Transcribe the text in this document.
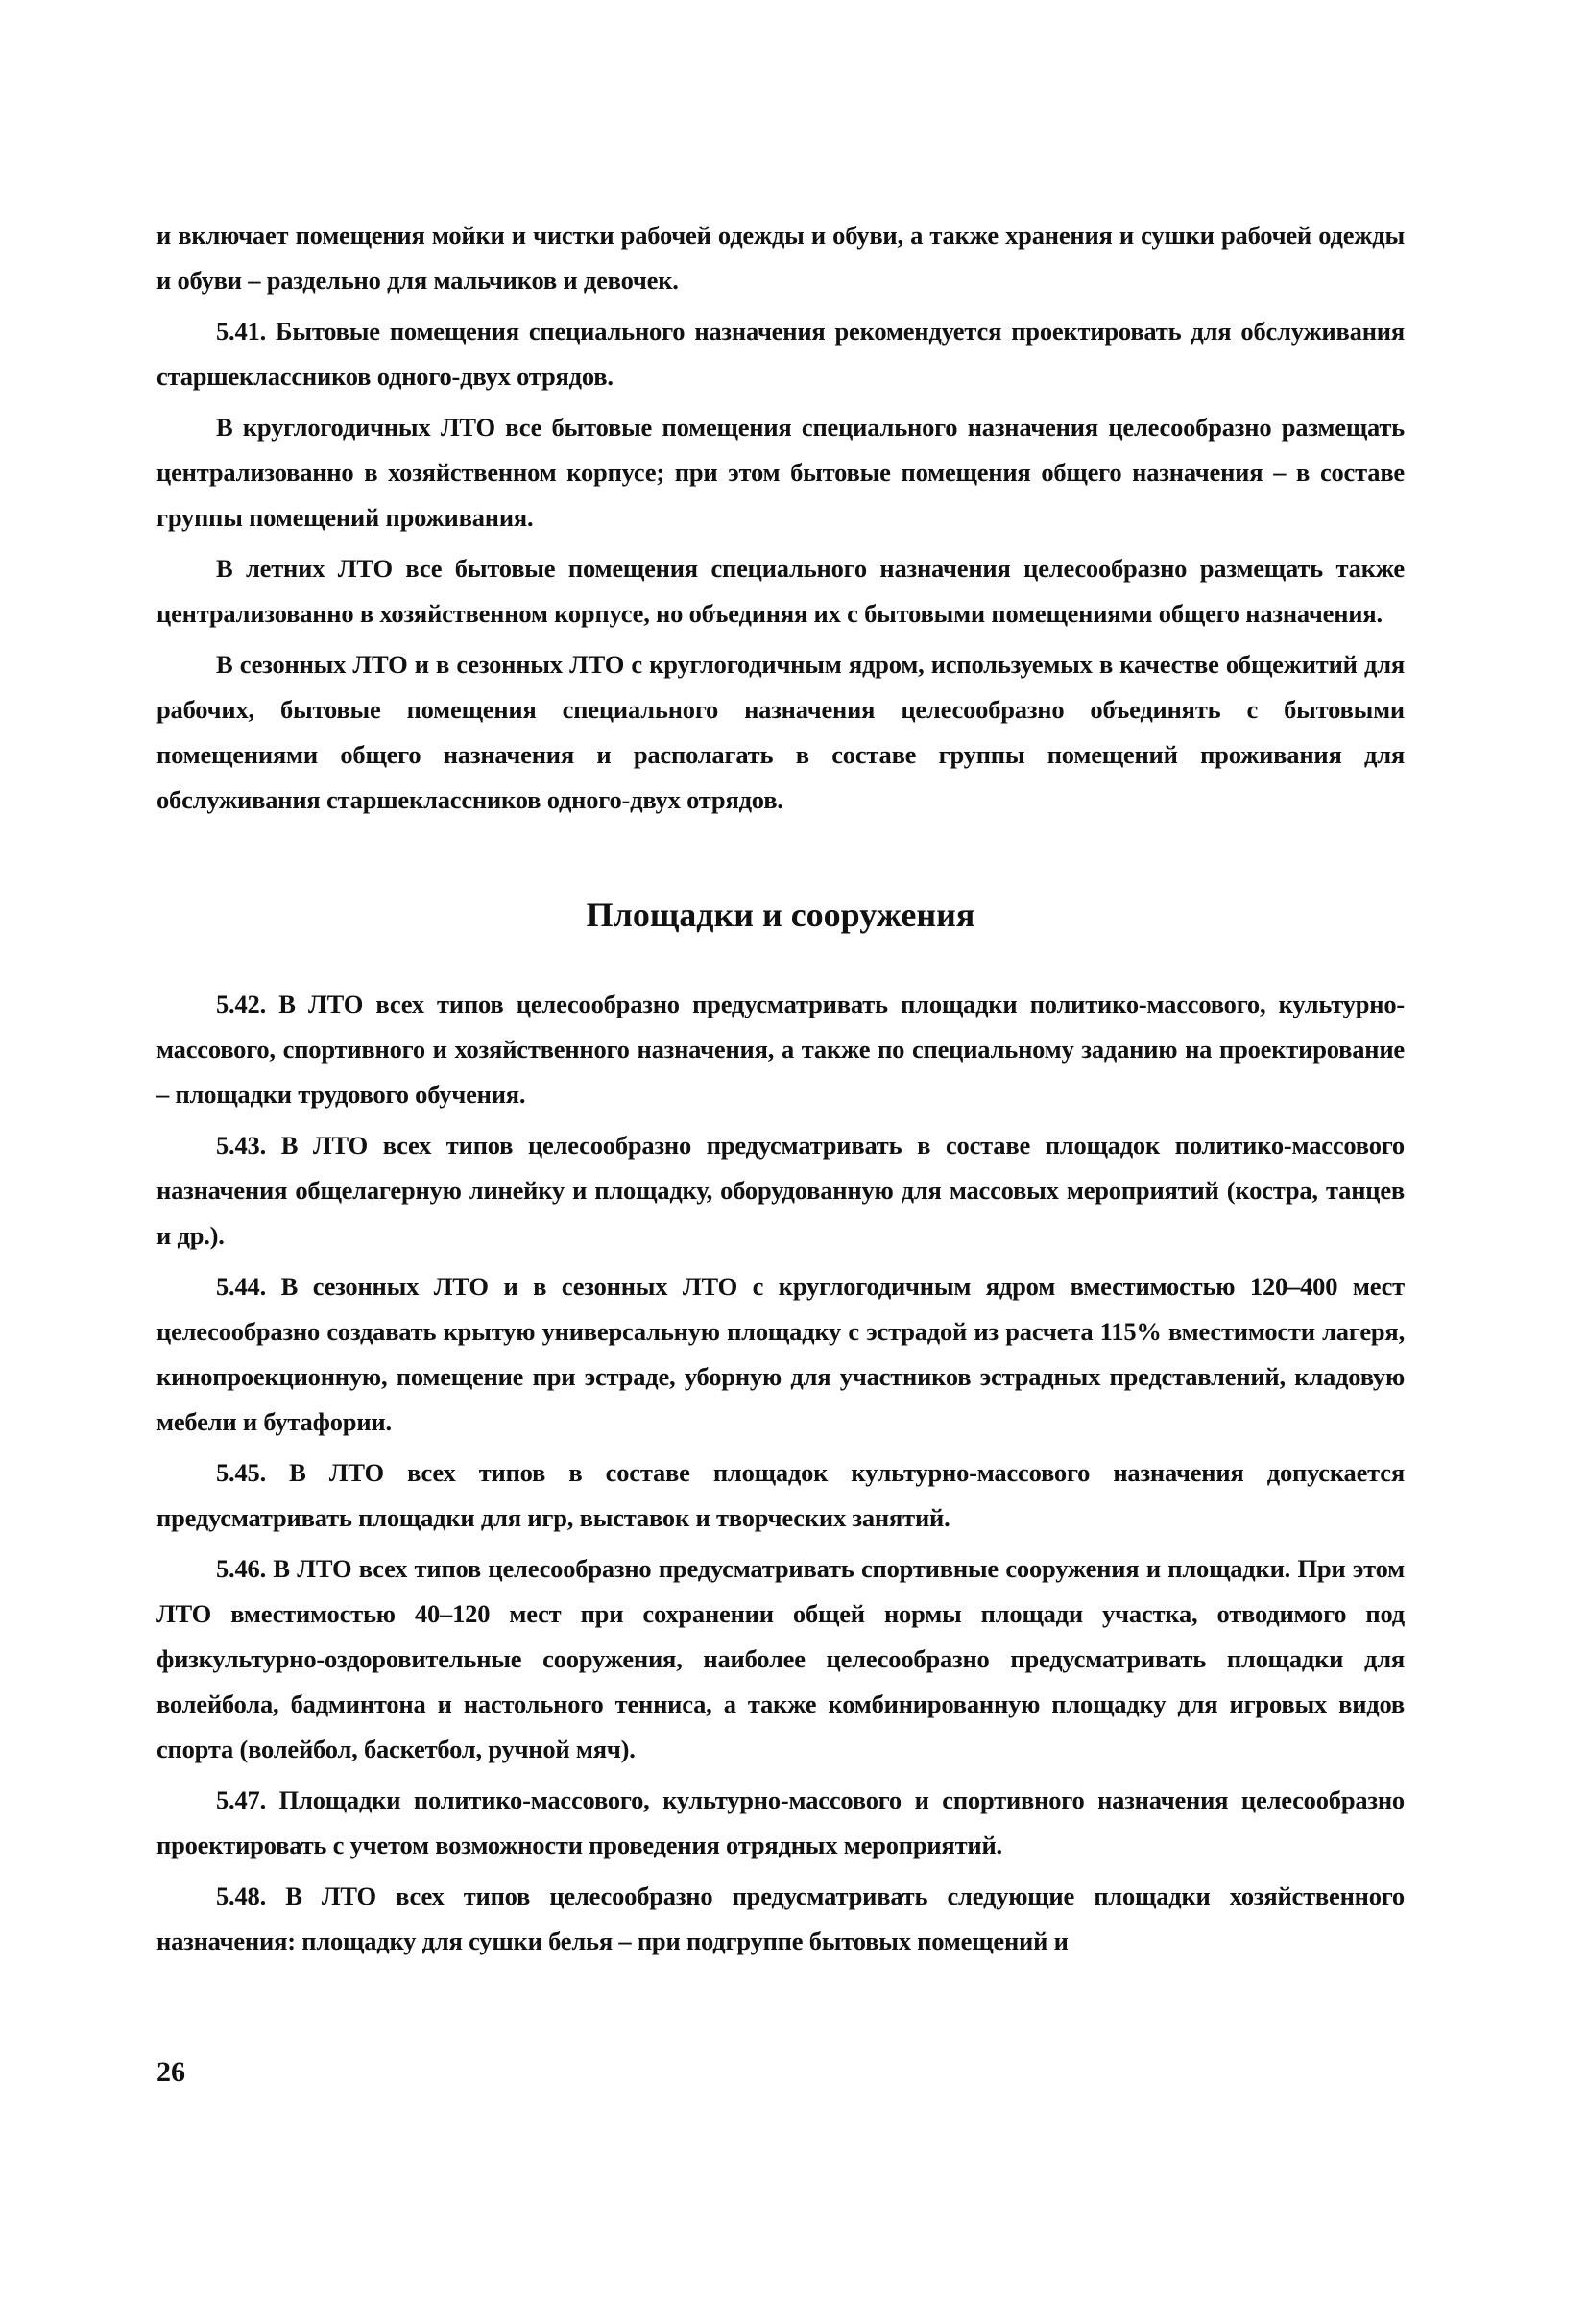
и включает помещения мойки и чистки рабочей одежды и обуви, а также хранения и сушки рабочей одежды и обуви – раздельно для мальчиков и девочек.

5.41. Бытовые помещения специального назначения рекомендуется проектировать для обслуживания старшеклассников одного-двух отрядов.

В круглогодичных ЛТО все бытовые помещения специального назначения целесообразно размещать централизованно в хозяйственном корпусе; при этом бытовые помещения общего назначения – в составе группы помещений проживания.

В летних ЛТО все бытовые помещения специального назначения целесообразно размещать также централизованно в хозяйственном корпусе, но объединяя их с бытовыми помещениями общего назначения.

В сезонных ЛТО и в сезонных ЛТО с круглогодичным ядром, используемых в качестве общежитий для рабочих, бытовые помещения специального назначения целесообразно объединять с бытовыми помещениями общего назначения и располагать в составе группы помещений проживания для обслуживания старшеклассников одного-двух отрядов.

Площадки и сооружения

5.42. В ЛТО всех типов целесообразно предусматривать площадки политико-массового, культурно-массового, спортивного и хозяйственного назначения, а также по специальному заданию на проектирование – площадки трудового обучения.

5.43. В ЛТО всех типов целесообразно предусматривать в составе площадок политико-массового назначения общелагерную линейку и площадку, оборудованную для массовых мероприятий (костра, танцев и др.).

5.44. В сезонных ЛТО и в сезонных ЛТО с круглогодичным ядром вместимостью 120–400 мест целесообразно создавать крытую универсальную площадку с эстрадой из расчета 115% вместимости лагеря, кинопроекционную, помещение при эстраде, уборную для участников эстрадных представлений, кладовую мебели и бутафории.

5.45. В ЛТО всех типов в составе площадок культурно-массового назначения допускается предусматривать площадки для игр, выставок и творческих занятий.

5.46. В ЛТО всех типов целесообразно предусматривать спортивные сооружения и площадки. При этом ЛТО вместимостью 40–120 мест при сохранении общей нормы площади участка, отводимого под физкультурно-оздоровительные сооружения, наиболее целесообразно предусматривать площадки для волейбола, бадминтона и настольного тенниса, а также комбинированную площадку для игровых видов спорта (волейбол, баскетбол, ручной мяч).

5.47. Площадки политико-массового, культурно-массового и спортивного назначения целесообразно проектировать с учетом возможности проведения отрядных мероприятий.

5.48. В ЛТО всех типов целесообразно предусматривать следующие площадки хозяйственного назначения: площадку для сушки белья – при подгруппе бытовых помещений и

26
